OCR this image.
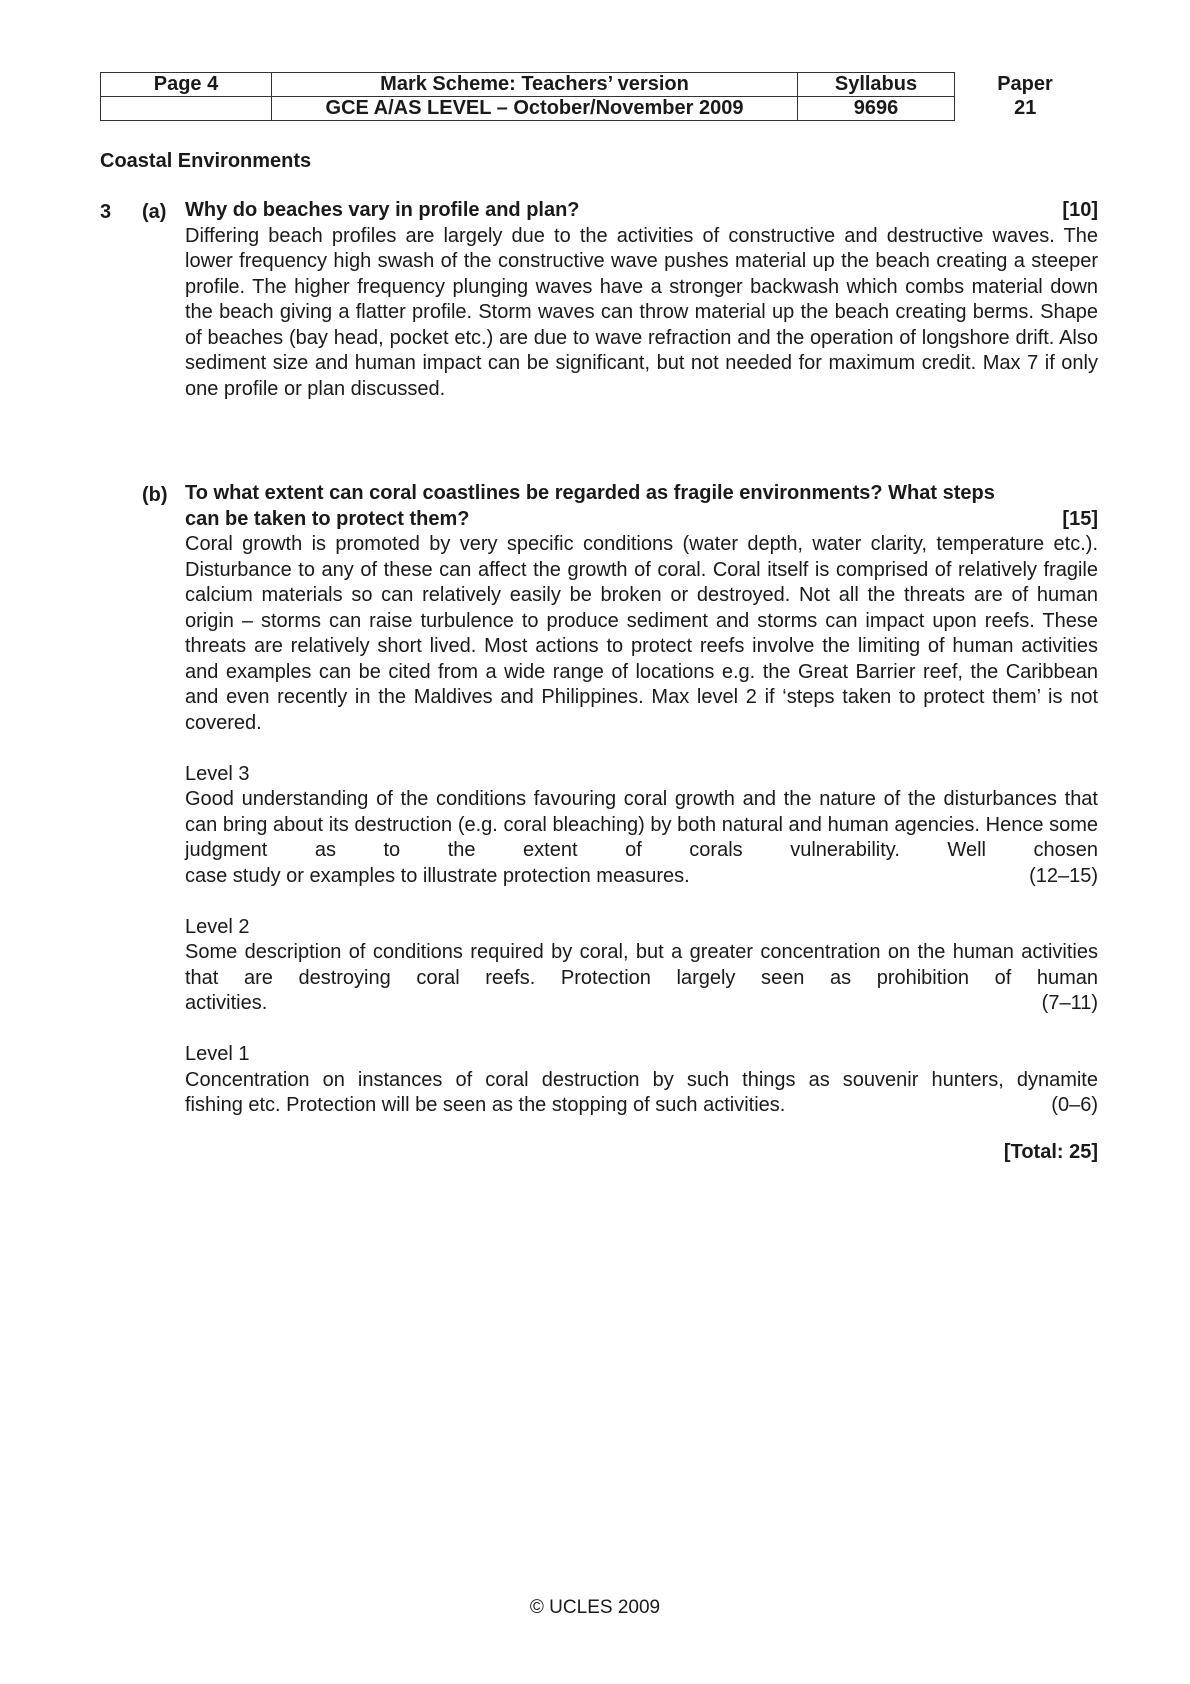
Page 4	Mark Scheme: Teachers’ version	Syllabus	Paper
	GCE A/AS LEVEL – October/November 2009	9696	21
Coastal Environments
3 (a) Why do beaches vary in profile and plan?	[10]
Differing beach profiles are largely due to the activities of constructive and destructive waves. The lower frequency high swash of the constructive wave pushes material up the beach creating a steeper profile. The higher frequency plunging waves have a stronger backwash which combs material down the beach giving a flatter profile. Storm waves can throw material up the beach creating berms. Shape of beaches (bay head, pocket etc.) are due to wave refraction and the operation of longshore drift. Also sediment size and human impact can be significant, but not needed for maximum credit. Max 7 if only one profile or plan discussed.
(b) To what extent can coral coastlines be regarded as fragile environments? What steps
can be taken to protect them?	[15]
Coral growth is promoted by very specific conditions (water depth, water clarity, temperature etc.). Disturbance to any of these can affect the growth of coral. Coral itself is comprised of relatively fragile calcium materials so can relatively easily be broken or destroyed. Not all the threats are of human origin – storms can raise turbulence to produce sediment and storms can impact upon reefs. These threats are relatively short lived. Most actions to protect reefs involve the limiting of human activities and examples can be cited from a wide range of locations e.g. the Great Barrier reef, the Caribbean and even recently in the Maldives and Philippines. Max level 2 if ‘steps taken to protect them’ is not covered.
Level 3
Good understanding of the conditions favouring coral growth and the nature of the disturbances that can bring about its destruction (e.g. coral bleaching) by both natural and human agencies. Hence some judgment as to the extent of corals vulnerability. Well chosen
case study or examples to illustrate protection measures.	(12–15)
Level 2
Some description of conditions required by coral, but a greater concentration on the human activities that are destroying coral reefs. Protection largely seen as prohibition of human
activities.	(7–11)
Level 1
Concentration on instances of coral destruction by such things as souvenir hunters, dynamite
fishing etc. Protection will be seen as the stopping of such activities.	(0–6)
[Total: 25]
© UCLES 2009
